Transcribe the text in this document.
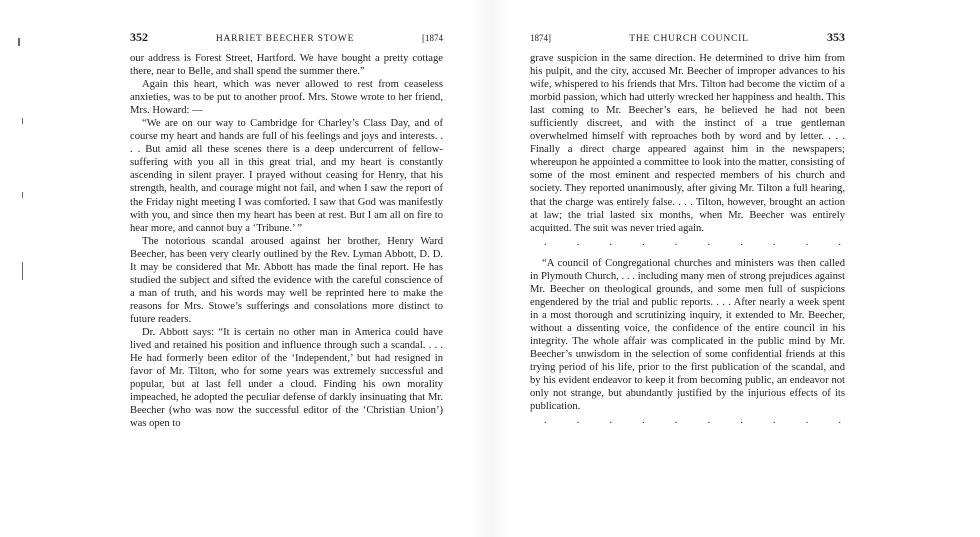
352	HARRIET BEECHER STOWE	[1874

our address is Forest Street, Hartford. We have bought a pretty cottage there, near to Belle, and shall spend the summer there.”

Again this heart, which was never allowed to rest from ceaseless anxieties, was to be put to another proof. Mrs. Stowe wrote to her friend, Mrs. Howard: —

“We are on our way to Cambridge for Charley’s Class Day, and of course my heart and hands are full of his feelings and joys and interests. . . . But amid all these scenes there is a deep undercurrent of fellow-suffering with you all in this great trial, and my heart is constantly ascending in silent prayer. I prayed without ceasing for Henry, that his strength, health, and courage might not fail, and when I saw the report of the Friday night meeting I was comforted. I saw that God was manifestly with you, and since then my heart has been at rest. But I am all on fire to hear more, and cannot buy a ‘Tribune.’ ”

The notorious scandal aroused against her brother, Henry Ward Beecher, has been very clearly outlined by the Rev. Lyman Abbott, D. D. It may be considered that Mr. Abbott has made the final report. He has studied the subject and sifted the evidence with the careful conscience of a man of truth, and his words may well be reprinted here to make the reasons for Mrs. Stowe’s sufferings and consolations more distinct to future readers.

Dr. Abbott says: “It is certain no other man in America could have lived and retained his position and influence through such a scandal. . . . He had formerly been editor of the ‘Independent,’ but had resigned in favor of Mr. Tilton, who for some years was extremely successful and popular, but at last fell under a cloud. Finding his own morality impeached, he adopted the peculiar defense of darkly insinuating that Mr. Beecher (who was now the successful editor of the ‘Christian Union’) was open to

1874]	THE CHURCH COUNCIL	353

grave suspicion in the same direction. He determined to drive him from his pulpit, and the city, accused Mr. Beecher of improper advances to his wife, whispered to his friends that Mrs. Tilton had become the victim of a morbid passion, which had utterly wrecked her happiness and health. This last coming to Mr. Beecher’s ears, he believed he had not been sufficiently discreet, and with the instinct of a true gentleman overwhelmed himself with reproaches both by word and by letter. . . . Finally a direct charge appeared against him in the newspapers; whereupon he appointed a committee to look into the matter, consisting of some of the most eminent and respected members of his church and society. They reported unanimously, after giving Mr. Tilton a full hearing, that the charge was entirely false. . . . Tilton, however, brought an action at law; the trial lasted six months, when Mr. Beecher was entirely acquitted. The suit was never tried again.

.	.	.	.	.	.	.	.	.	.

“A council of Congregational churches and ministers was then called in Plymouth Church, . . . including many men of strong prejudices against Mr. Beecher on theological grounds, and some men full of suspicions engendered by the trial and public reports. . . . After nearly a week spent in a most thorough and scrutinizing inquiry, it extended to Mr. Beecher, without a dissenting voice, the confidence of the entire council in his integrity. The whole affair was complicated in the public mind by Mr. Beecher’s unwisdom in the selection of some confidential friends at this trying period of his life, prior to the first publication of the scandal, and by his evident endeavor to keep it from becoming public, an endeavor not only not strange, but abundantly justified by the injurious effects of its publication.

.	.	.	.	.	.	.	.	.	.
